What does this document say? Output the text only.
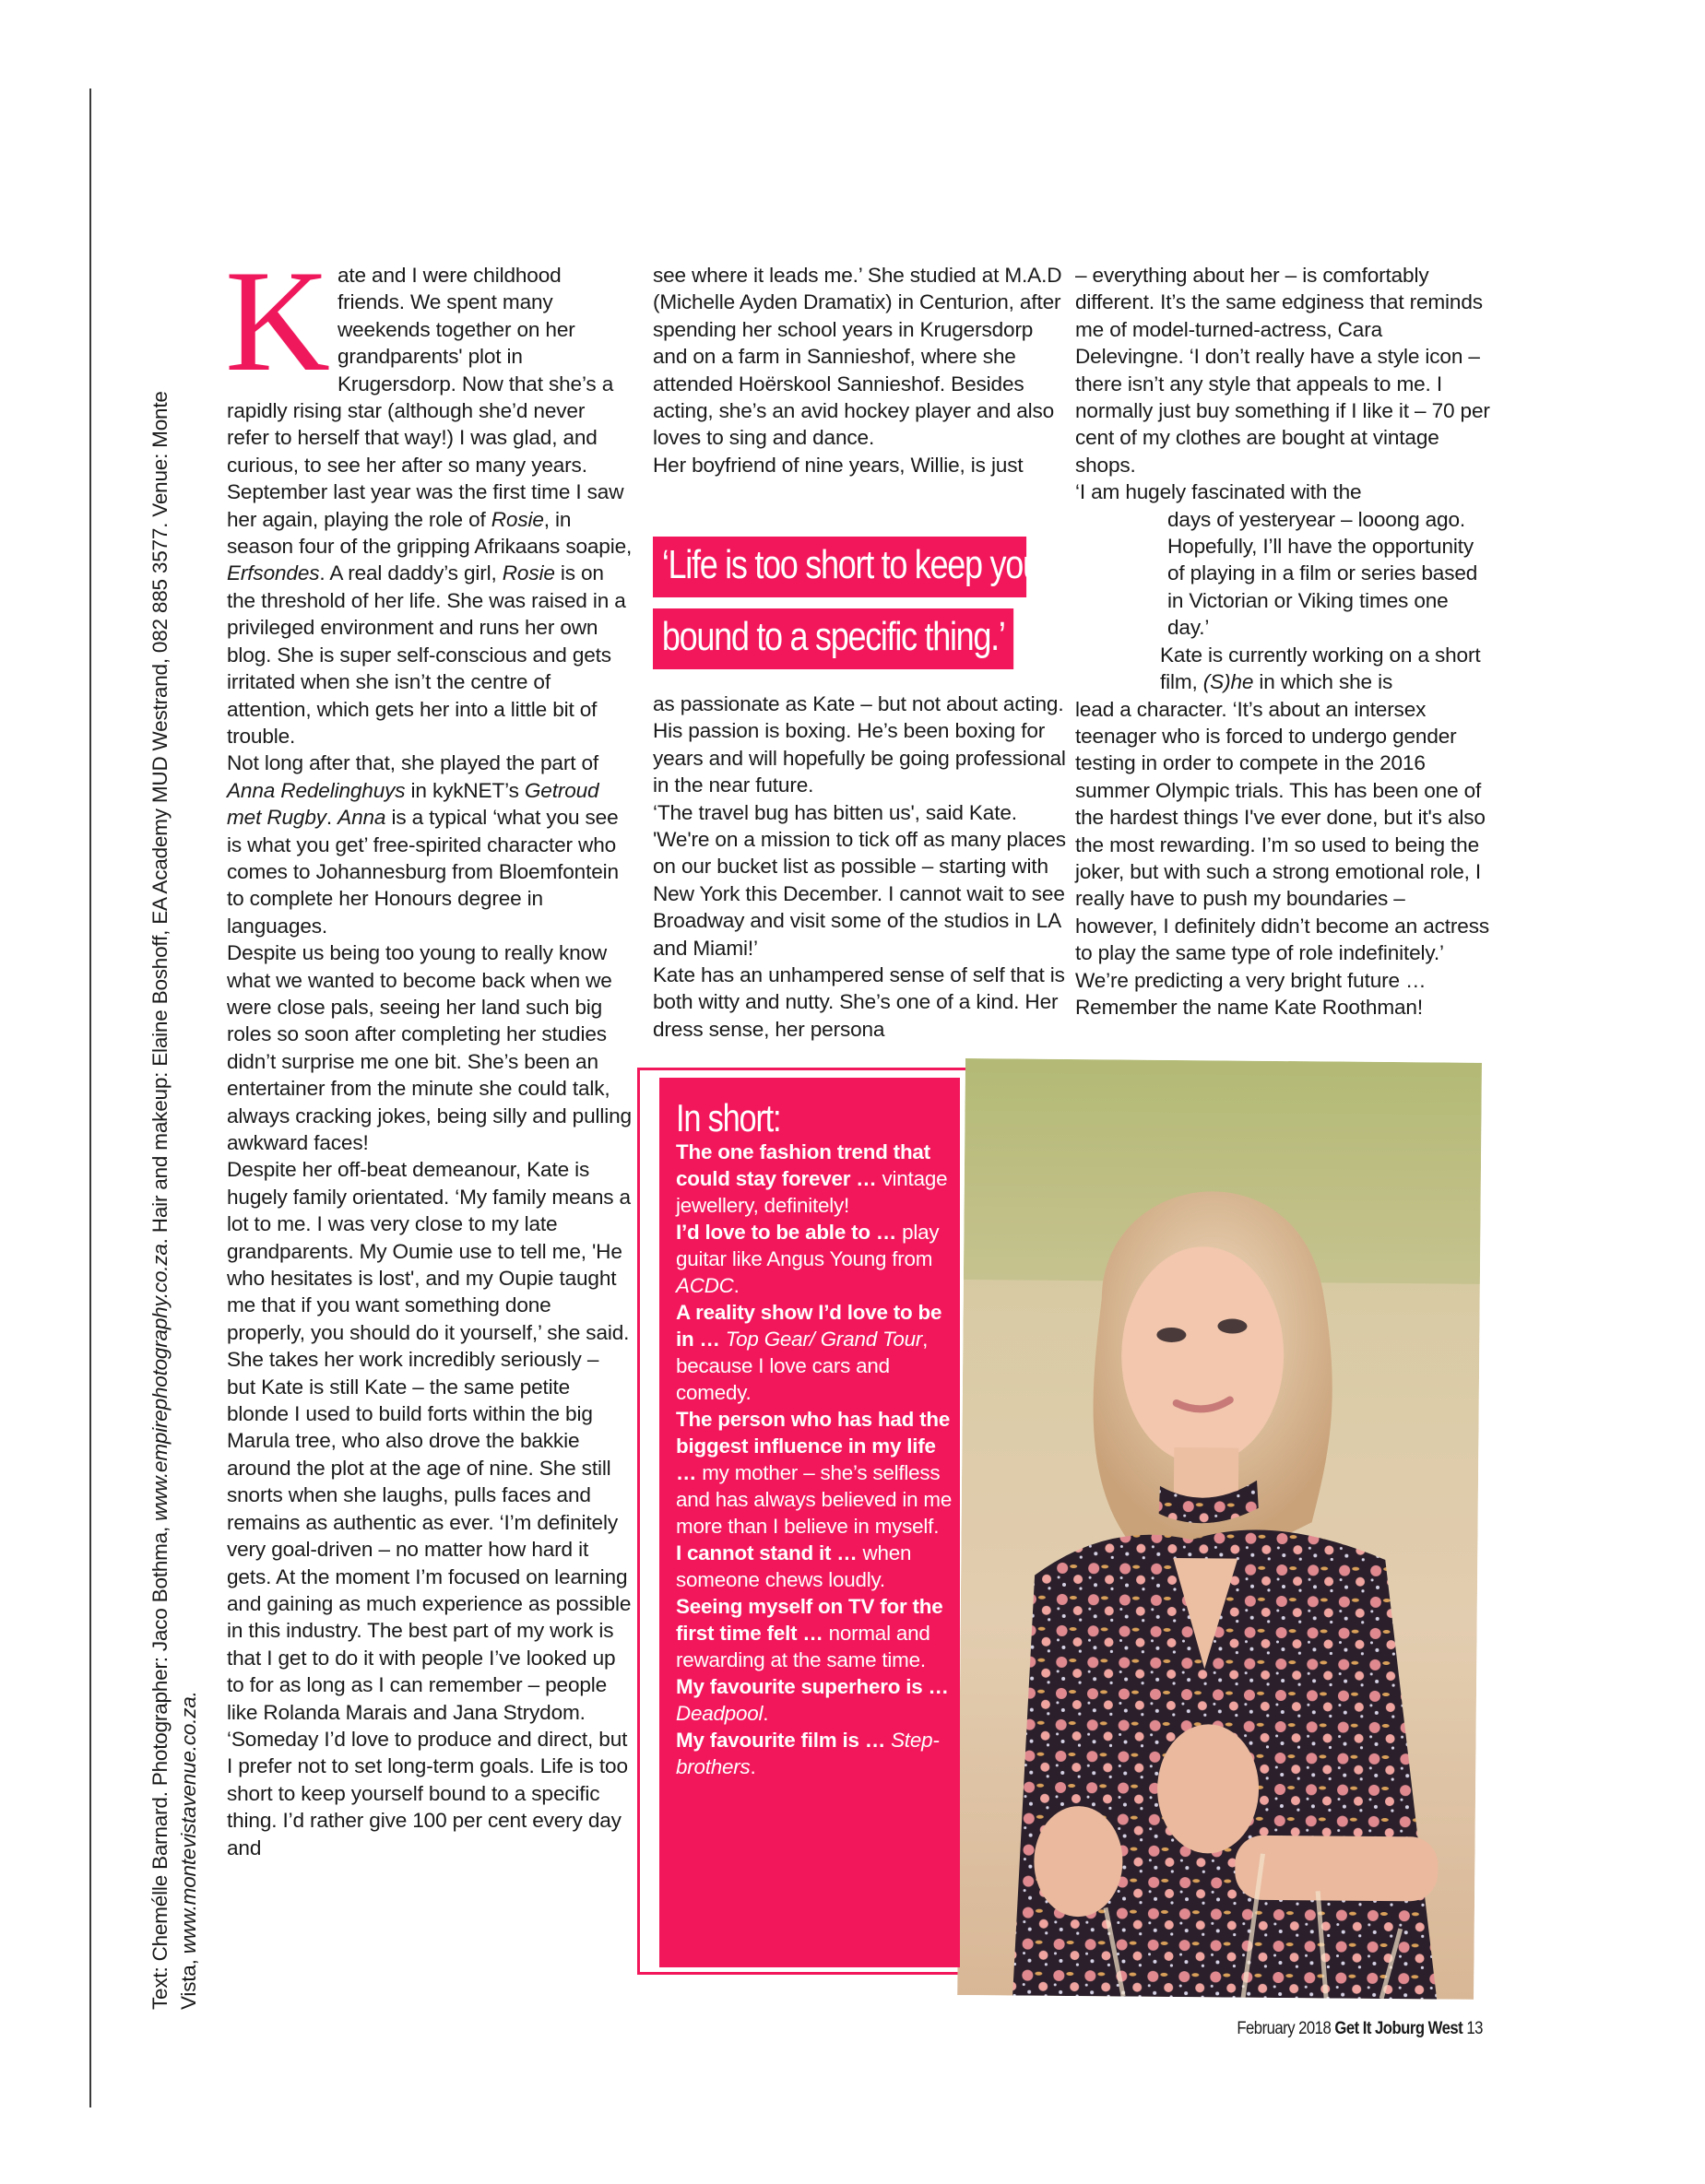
Text: Chemélle Barnard. Photographer: Jaco Bothma, www.empirephotography.co.za. Hair and makeup: Elaine Boshoff, EA Academy MUD Westrand, 082 885 3577. Venue: Monte
Vista, www.montevistavenue.co.za.

Kate and I were childhood friends. We spent many weekends together on her grandparents' plot in Krugersdorp. Now that she’s a rapidly rising star (although she’d never refer to herself that way!) I was glad, and curious, to see her after so many years. September last year was the first time I saw her again, playing the role of Rosie, in season four of the gripping Afrikaans soapie, Erfsondes. A real daddy’s girl, Rosie is on the threshold of her life. She was raised in a privileged environment and runs her own blog. She is super self-conscious and gets irritated when she isn’t the centre of attention, which gets her into a little bit of trouble.

Not long after that, she played the part of Anna Redelinghuys in kykNET’s Getroud met Rugby. Anna is a typical ‘what you see is what you get’ free-spirited character who comes to Johannesburg from Bloemfontein to complete her Honours degree in languages.

Despite us being too young to really know what we wanted to become back when we were close pals, seeing her land such big roles so soon after completing her studies didn’t surprise me one bit. She’s been an entertainer from the minute she could talk, always cracking jokes, being silly and pulling awkward faces!

Despite her off-beat demeanour, Kate is hugely family orientated. ‘My family means a lot to me. I was very close to my late grandparents. My Oumie use to tell me, 'He who hesitates is lost', and my Oupie taught me that if you want something done properly, you should do it yourself,’ she said.

She takes her work incredibly seriously – but Kate is still Kate – the same petite blonde I used to build forts within the big Marula tree, who also drove the bakkie around the plot at the age of nine. She still snorts when she laughs, pulls faces and remains as authentic as ever. ‘I’m definitely very goal-driven – no matter how hard it gets. At the moment I’m focused on learning and gaining as much experience as possible in this industry. The best part of my work is that I get to do it with people I’ve looked up to for as long as I can remember – people like Rolanda Marais and Jana Strydom.

‘Someday I’d love to produce and direct, but I prefer not to set long-term goals. Life is too short to keep yourself bound to a specific thing. I’d rather give 100 per cent every day and

see where it leads me.’ She studied at M.A.D (Michelle Ayden Dramatix) in Centurion, after spending her school years in Krugersdorp and on a farm in Sannieshof, where she attended Hoërskool Sannieshof. Besides acting, she’s an avid hockey player and also loves to sing and dance.

Her boyfriend of nine years, Willie, is just

‘Life is too short to keep yourself
bound to a specific thing.’

as passionate as Kate – but not about acting. His passion is boxing. He’s been boxing for years and will hopefully be going professional in the near future.

‘The travel bug has bitten us', said Kate. 'We're on a mission to tick off as many places on our bucket list as possible – starting with New York this December. I cannot wait to see Broadway and visit some of the studios in LA and Miami!’

Kate has an unhampered sense of self that is both witty and nutty. She’s one of a kind. Her dress sense, her persona

– everything about her – is comfortably different. It’s the same edginess that reminds me of model-turned-actress, Cara Delevingne. ‘I don’t really have a style icon – there isn’t any style that appeals to me. I normally just buy something if I like it – 70 per cent of my clothes are bought at vintage shops.

‘I am hugely fascinated with the

days of yesteryear – looong ago. Hopefully, I’ll have the opportunity of playing in a film or series based in Victorian or Viking times one day.’

Kate is currently working on a short film, (S)he in which she is

lead a character. ‘It’s about an intersex teenager who is forced to undergo gender testing in order to compete in the 2016 summer Olympic trials. This has been one of the hardest things I've ever done, but it's also the most rewarding. I’m so used to being the joker, but with such a strong emotional role, I really have to push my boundaries – however, I definitely didn’t become an actress to play the same type of role indefinitely.’

We’re predicting a very bright future … Remember the name Kate Roothman!

In short:
The one fashion trend that could stay forever … vintage jewellery, definitely!
I’d love to be able to … play guitar like Angus Young from ACDC.
A reality show I’d love to be in … Top Gear/ Grand Tour, because I love cars and comedy.
The person who has had the biggest influence in my life … my mother – she’s selfless and has always believed in me more than I believe in myself.
I cannot stand it … when someone chews loudly.
Seeing myself on TV for the first time felt … normal and rewarding at the same time.
My favourite superhero is … Deadpool.
My favourite film is … Step-brothers.
February 2018 Get It Joburg West 13
